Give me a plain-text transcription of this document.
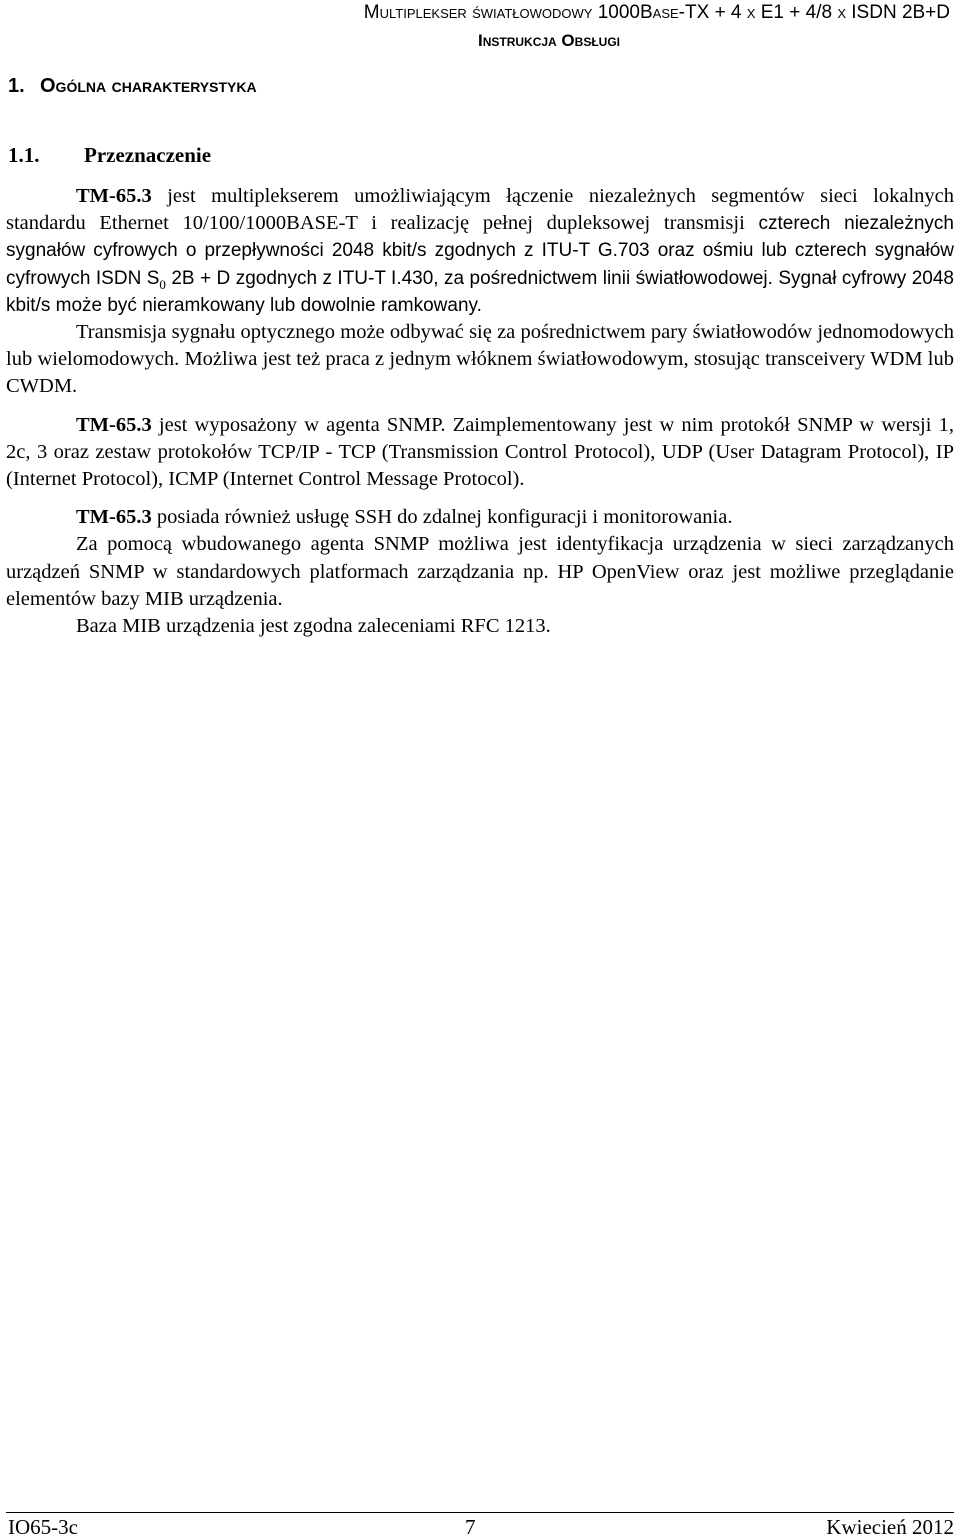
Multiplekser światłowodowy 1000Base-TX + 4 x E1 + 4/8 x ISDN 2B+D
Instrukcja Obsługi
1. Ogólna charakterystyka
1.1. Przeznaczenie

TM-65.3 jest multiplekserem umożliwiającym łączenie niezależnych segmentów sieci lokalnych standardu Ethernet 10/100/1000BASE-T i realizację pełnej dupleksowej transmisji czterech niezależnych sygnałów cyfrowych o przepływności 2048 kbit/s zgodnych z ITU-T G.703 oraz ośmiu lub czterech sygnałów cyfrowych ISDN $S_0$ 2B + D zgodnych z ITU-T I.430, za pośrednictwem linii światłowodowej. Sygnał cyfrowy 2048 kbit/s może być nieramkowany lub dowolnie ramkowany.

Transmisja sygnału optycznego może odbywać się za pośrednictwem pary światłowodów jednomodowych lub wielomodowych. Możliwa jest też praca z jednym włóknem światłowodowym, stosując transceivery WDM lub CWDM.

TM-65.3 jest wyposażony w agenta SNMP. Zaimplementowany jest w nim protokół SNMP w wersji 1, 2c, 3 oraz zestaw protokołów TCP/IP - TCP (Transmission Control Protocol), UDP (User Datagram Protocol), IP (Internet Protocol), ICMP (Internet Control Message Protocol).

TM-65.3 posiada również usługę SSH do zdalnej konfiguracji i monitorowania.

Za pomocą wbudowanego agenta SNMP możliwa jest identyfikacja urządzenia w sieci zarządzanych urządzeń SNMP w standardowych platformach zarządzania np. HP OpenView oraz jest możliwe przeglądanie elementów bazy MIB urządzenia.

Baza MIB urządzenia jest zgodna zaleceniami RFC 1213.

IO65-3c	7	Kwiecień 2012
